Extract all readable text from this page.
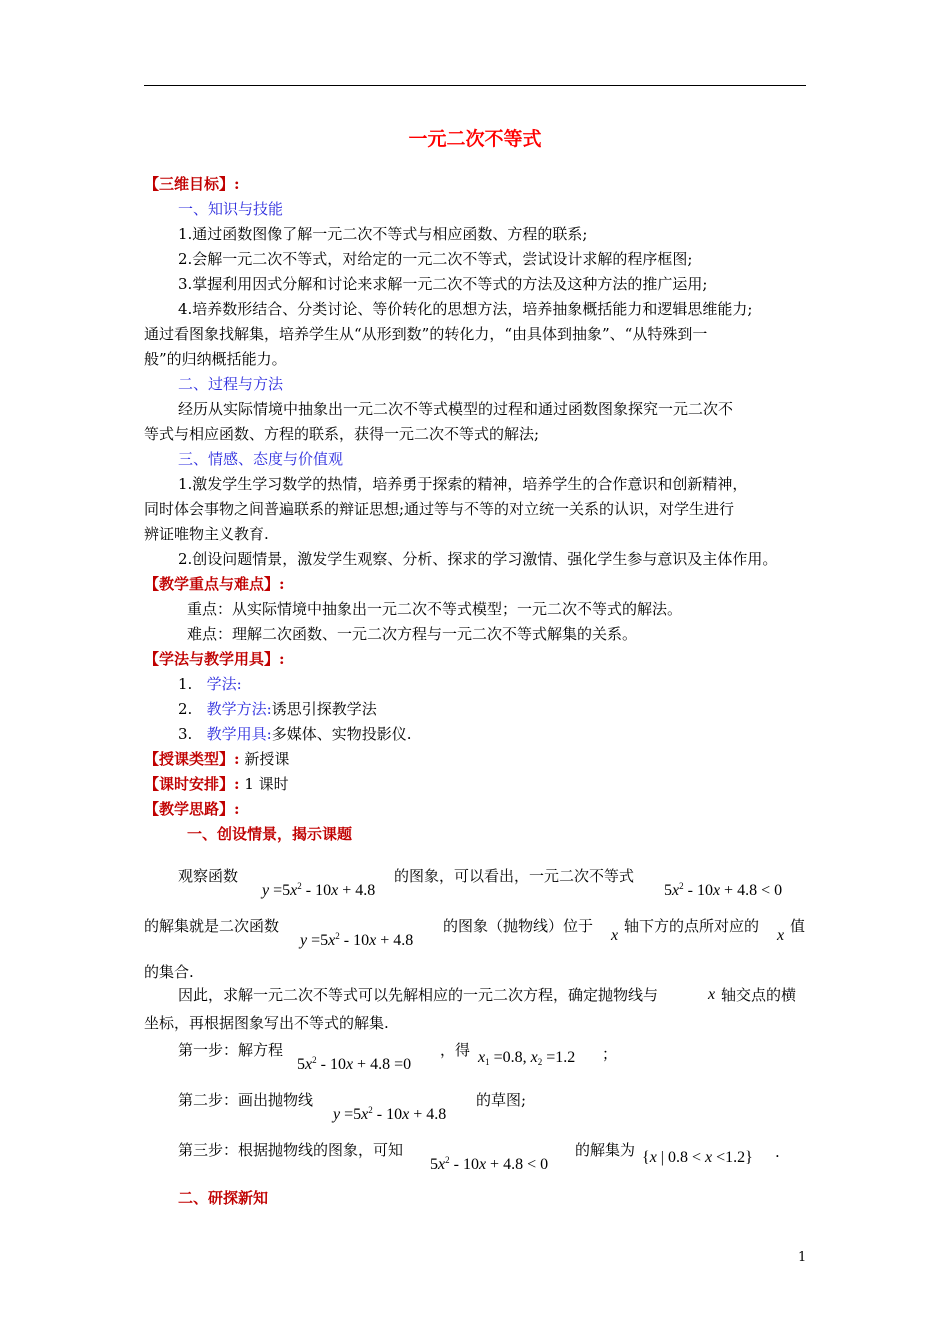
一元二次不等式
【三维目标】:
一、知识与技能
1.通过函数图像了解一元二次不等式与相应函数、方程的联系;
2.会解一元二次不等式，对给定的一元二次不等式，尝试设计求解的程序框图;
3.掌握利用因式分解和讨论来求解一元二次不等式的方法及这种方法的推广运用;
4.培养数形结合、分类讨论、等价转化的思想方法，培养抽象概括能力和逻辑思维能力;
通过看图象找解集，培养学生从“从形到数”的转化力，“由具体到抽象”、“从特殊到一
般”的归纳概括能力。
二、过程与方法
经历从实际情境中抽象出一元二次不等式模型的过程和通过函数图象探究一元二次不
等式与相应函数、方程的联系，获得一元二次不等式的解法;
三、情感、态度与价值观
1.激发学生学习数学的热情，培养勇于探索的精神，培养学生的合作意识和创新精神，
同时体会事物之间普遍联系的辩证思想;通过等与不等的对立统一关系的认识，对学生进行
辨证唯物主义教育.
2.创设问题情景，激发学生观察、分析、探求的学习激情、强化学生参与意识及主体作用。
【教学重点与难点】:
重点：从实际情境中抽象出一元二次不等式模型；一元二次不等式的解法。
难点：理解二次函数、一元二次方程与一元二次不等式解集的关系。
【学法与教学用具】:
1. 学法:
2. 教学方法:诱思引探教学法
3. 教学用具:多媒体、实物投影仪.
【授课类型】: 新授课
【课时安排】: 1 课时
【教学思路】:
一、创设情景，揭示课题
观察函数
$y =5x^2 - 10x + 4.8$
的图象，可以看出，一元二次不等式
$5x^2 - 10x + 4.8 < 0$
的解集就是二次函数
$y =5x^2 - 10x + 4.8$
的图象（抛物线）位于
x
轴下方的点所对应的
x
值
的集合.
因此，求解一元二次不等式可以先解相应的一元二次方程，确定抛物线与	x 轴交点的横
坐标，再根据图象写出不等式的解集.
第一步：解方程
$5x^2 - 10x + 4.8 =0$
，得 $x_1 =0.8$, $x_2 =1.2$ ；
第二步：画出抛物线
$y =5x^2 - 10x + 4.8$
的草图;
第三步：根据抛物线的图象，可知
$5x^2 - 10x + 4.8 < 0$
的解集为 {x | 0.8 < x <1.2} .
二、研探新知
1
